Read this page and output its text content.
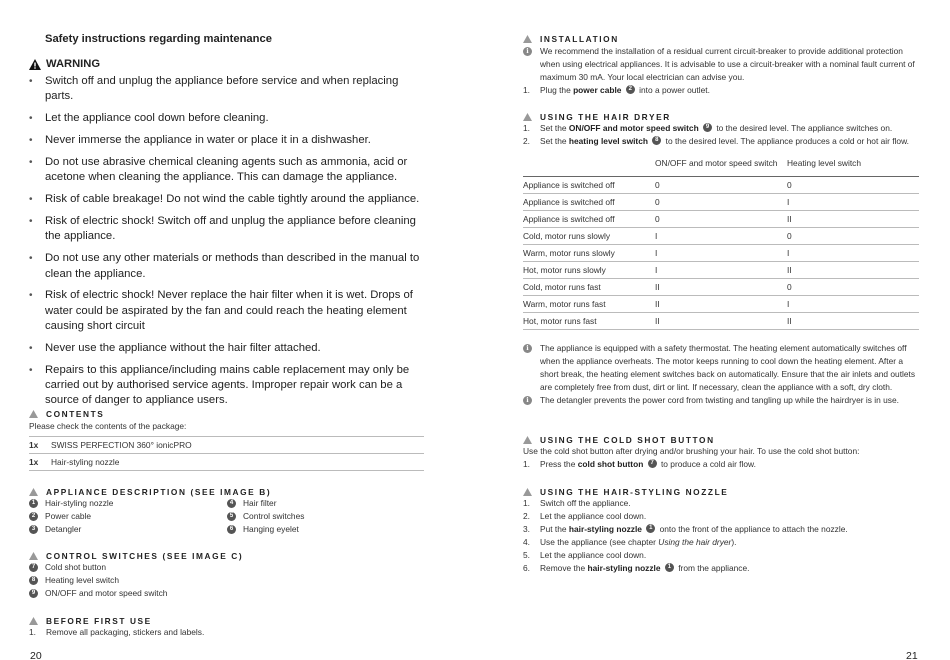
Safety instructions regarding maintenance
WARNING
• Switch off and unplug the appliance before service and when replacing parts.
• Let the appliance cool down before cleaning.
• Never immerse the appliance in water or place it in a dishwasher.
• Do not use abrasive chemical cleaning agents such as ammonia, acid or acetone when cleaning the appliance. This can damage the appliance.
• Risk of cable breakage! Do not wind the cable tightly around the appliance.
• Risk of electric shock! Switch off and unplug the appliance before cleaning the appliance.
• Do not use any other materials or methods than described in the manual to clean the appliance.
• Risk of electric shock! Never replace the hair filter when it is wet. Drops of water could be aspirated by the fan and could reach the heating element causing short circuit
• Never use the appliance without the hair filter attached.
• Repairs to this appliance/including mains cable replacement may only be carried out by authorised service agents. Improper repair work can be a source of danger to appliance users.
CONTENTS
Please check the contents of the package:
1x	SWISS PERFECTION 360° ionicPRO
1x	Hair-styling nozzle
APPLIANCE DESCRIPTION (SEE IMAGE B)
1	Hair-styling nozzle
2	Power cable
3	Detangler
4	Hair filter
5	Control switches
6	Hanging eyelet
CONTROL SWITCHES (SEE IMAGE C)
7	Cold shot button
8	Heating level switch
9	ON/OFF and motor speed switch
BEFORE FIRST USE
1.	Remove all packaging, stickers and labels.
20
INSTALLATION
i	We recommend the installation of a residual current circuit-breaker to provide additional protection when using electrical appliances. It is advisable to use a circuit-breaker with a nominal fault current of maximum 30 mA. Your local electrician can advise you.
1.	Plug the power cable 2 into a power outlet.
USING THE HAIR DRYER
1.	Set the ON/OFF and motor speed switch 9 to the desired level. The appliance switches on.
2.	Set the heating level switch 8 to the desired level. The appliance produces a cold or hot air flow.
	ON/OFF and motor speed switch	Heating level switch
Appliance is switched off	0	0
Appliance is switched off	0	I
Appliance is switched off	0	II
Cold, motor runs slowly	I	0
Warm, motor runs slowly	I	I
Hot, motor runs slowly	I	II
Cold, motor runs fast	II	0
Warm, motor runs fast	II	I
Hot, motor runs fast	II	II
i	The appliance is equipped with a safety thermostat. The heating element automatically switches off when the appliance overheats. The motor keeps running to cool down the heating element. After a short break, the heating element switches back on automatically. Ensure that the air inlets and outlets are completely free from dust, dirt or lint. If necessary, clean the appliance with a soft, dry cloth.
i	The detangler prevents the power cord from twisting and tangling up while the hairdryer is in use.
USING THE COLD SHOT BUTTON
Use the cold shot button after drying and/or brushing your hair. To use the cold shot button:
1.	Press the cold shot button 7 to produce a cold air flow.
USING THE HAIR-STYLING NOZZLE
1.	Switch off the appliance.
2.	Let the appliance cool down.
3.	Put the hair-styling nozzle 1 onto the front of the appliance to attach the nozzle.
4.	Use the appliance (see chapter Using the hair dryer).
5.	Let the appliance cool down.
6.	Remove the hair-styling nozzle 1 from the appliance.
21
